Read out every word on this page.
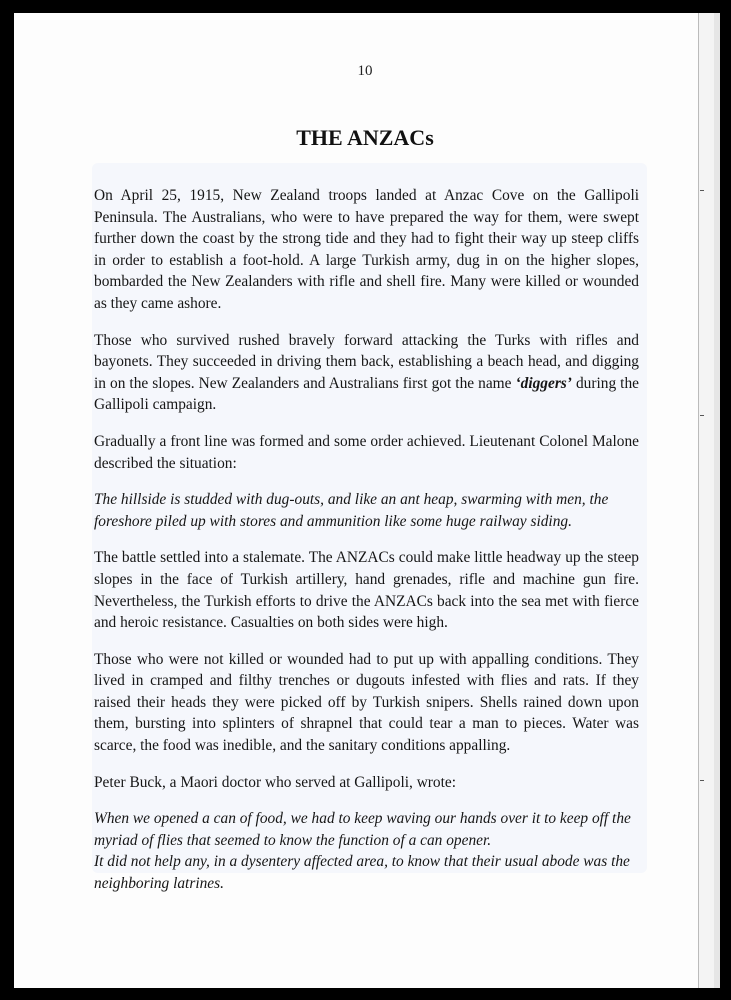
10
THE ANZACs

On April 25, 1915, New Zealand troops landed at Anzac Cove on the Gallipoli Peninsula. The Australians, who were to have prepared the way for them, were swept further down the coast by the strong tide and they had to fight their way up steep cliffs in order to establish a foot-hold. A large Turkish army, dug in on the higher slopes, bombarded the New Zealanders with rifle and shell fire. Many were killed or wounded as they came ashore.

Those who survived rushed bravely forward attacking the Turks with rifles and bayonets. They succeeded in driving them back, establishing a beach head, and digging in on the slopes. New Zealanders and Australians first got the name ‘diggers’ during the Gallipoli campaign.

Gradually a front line was formed and some order achieved. Lieutenant Colonel Malone described the situation:

The hillside is studded with dug-outs, and like an ant heap, swarming with men, the foreshore piled up with stores and ammunition like some huge railway siding.

The battle settled into a stalemate. The ANZACs could make little headway up the steep slopes in the face of Turkish artillery, hand grenades, rifle and machine gun fire. Nevertheless, the Turkish efforts to drive the ANZACs back into the sea met with fierce and heroic resistance. Casualties on both sides were high.

Those who were not killed or wounded had to put up with appalling conditions. They lived in cramped and filthy trenches or dugouts infested with flies and rats. If they raised their heads they were picked off by Turkish snipers. Shells rained down upon them, bursting into splinters of shrapnel that could tear a man to pieces. Water was scarce, the food was inedible, and the sanitary conditions appalling.

Peter Buck, a Maori doctor who served at Gallipoli, wrote:

When we opened a can of food, we had to keep waving our hands over it to keep off the myriad of flies that seemed to know the function of a can opener.

It did not help any, in a dysentery affected area, to know that their usual abode was the neighboring latrines.
